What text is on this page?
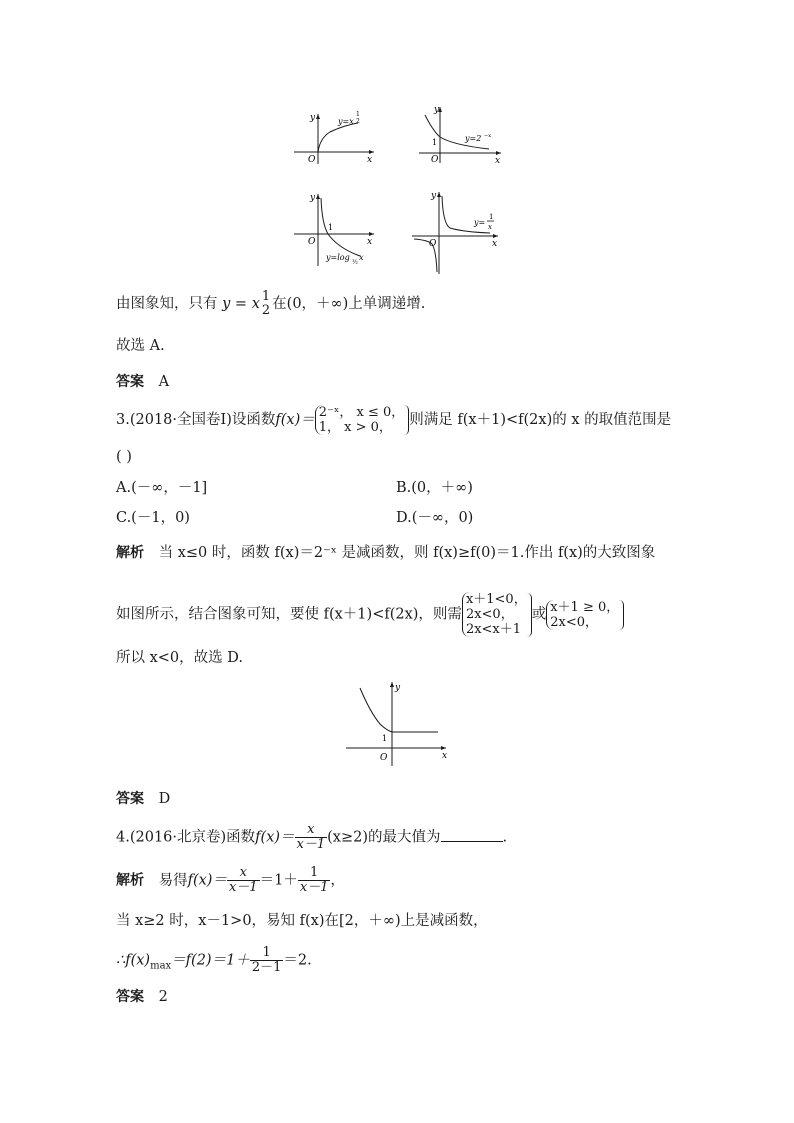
x
y
O
y=x
1
2
x
y
O
1	y=2 −x
x
y
O
1
y=log
½
x
x
y
O
y=
1
x
由图象知，只有 y = x 1
2 在(0，＋∞)上单调递增.
故选 A.
答案 A
3.(2018·全国卷Ⅰ)设函数f(x)＝ 2⁻ˣ， x ≤ 0，
1， x > 0，	则满足 f(x＋1)<f(2x)的 x 的取值范围是
( )
A.(－∞，－1]	B.(0，＋∞)
C.(－1，0)	D.(－∞，0)
解析 当 x≤0 时，函数 f(x)＝2⁻ˣ 是减函数，则 f(x)≥f(0)＝1.作出 f(x)的大致图象
如图所示，结合图象可知，要使 f(x＋1)<f(2x)，则需
x＋1<0，
2x<0，
2x<x＋1
或 x＋1 ≥ 0，
2x<0，
所以 x<0，故选 D.
x
y
O
1
答案 D
4.(2016·北京卷)函数$f(x)= \frac{x}{x-1} (x\ge 2)$的最大值为	.
解析 易得$f(x)= \frac{x}{x-1} =1+ \frac{1}{x-1}$ ，
当 x≥2 时，x－1>0，易知 f(x)在[2，＋∞)上是减函数，
$\therefore f(x)_{max}=f(2)=1+ \frac{1}{2-1} =2$.
答案 2
